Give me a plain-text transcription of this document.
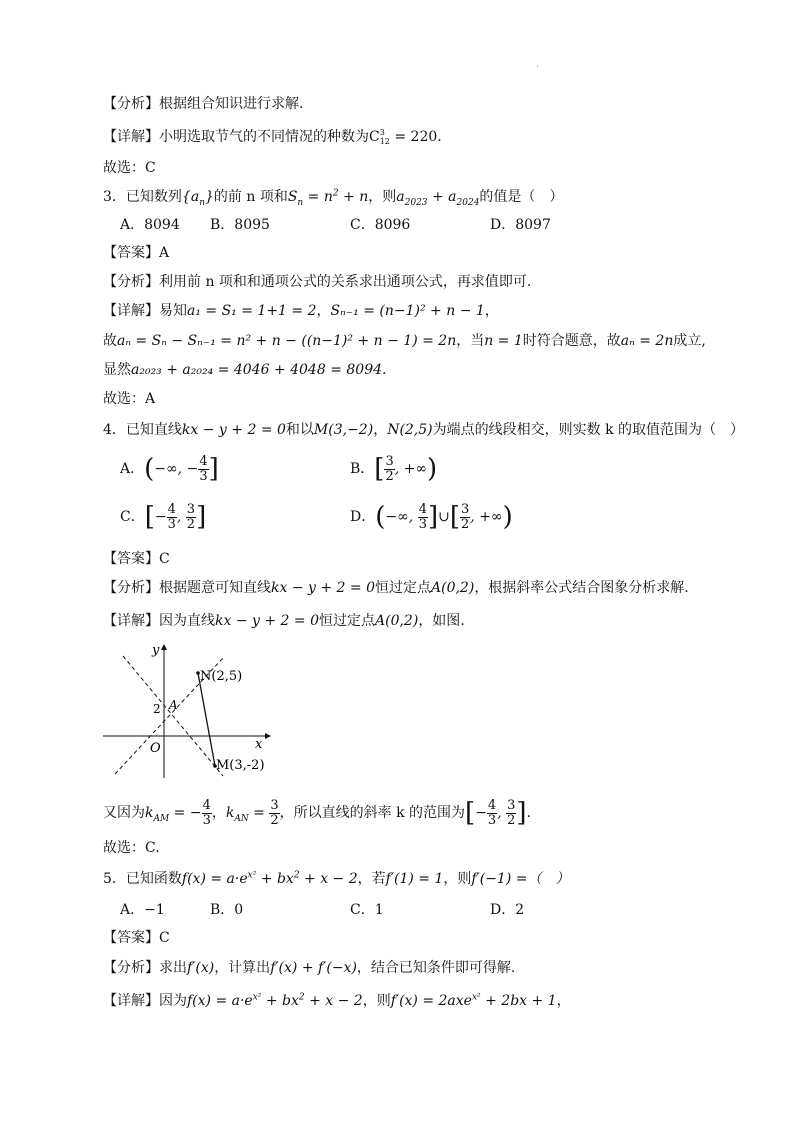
·
【分析】根据组合知识进行求解.
【详解】小明选取节气的不同情况的种数为C 3
12 = 220.
故选：C
3．已知数列$\{a_n\}$的前 n 项和$S_n = n^2 + n$，则$a_{2023} + a_{2024}$的值是（　）
A．8094 B．8095	C．8096	D．8097
【答案】A
【分析】利用前 n 项和和通项公式的关系求出通项公式，再求值即可.
【详解】易知a₁ = S₁ = 1+1 = 2，Sₙ₋₁ = (n−1)² + n − 1，
故aₙ = Sₙ − Sₙ₋₁ = n² + n − ((n−1)² + n − 1) = 2n，当n = 1时符合题意，故aₙ = 2n成立,
显然a₂₀₂₃ + a₂₀₂₄ = 4046 + 4048 = 8094.
故选：A
4．已知直线kx − y + 2 = 0和以M(3,−2)，N(2,5)为端点的线段相交，则实数 k 的取值范围为（　）
A．(−∞, − $\frac{4}{3}$ ]	B．[ $\frac{3}{2}$ , +∞)
C．[− $\frac{4}{3}$ , $\frac{3}{2}$ ]	D．(−∞, $\frac{4}{3}$ ]∪[ $\frac{3}{2}$ , +∞)
【答案】C
【分析】根据题意可知直线kx − y + 2 = 0恒过定点A(0,2)，根据斜率公式结合图象分析求解.
【详解】因为直线kx − y + 2 = 0恒过定点A(0,2)，如图.
y
x
O
2 A
N(2,5)
M(3,-2)
又因为$k_{AM}$ = − $\frac{4}{3}$ ，$k_{AN} = \frac{3}{2}$ ，所以直线的斜率 k 的范围为[− $\frac{4}{3}$ , $\frac{3}{2}$ ].
故选：C.
5．已知函数$f(x) = a\cdot e^{x^2} + bx^2 + x - 2$，若f′(1) = 1，则f′(−1) =（　）
A．−1	B．0	C．1	D．2
【答案】C
【分析】求出f′(x)，计算出f′(x) + f′(−x)，结合已知条件即可得解.
【详解】因为$f(x) = a\cdot e^{x^2} + bx^2 + x - 2$，则f′(x) = 2axe$^{x^2}$ + 2bx + 1，
